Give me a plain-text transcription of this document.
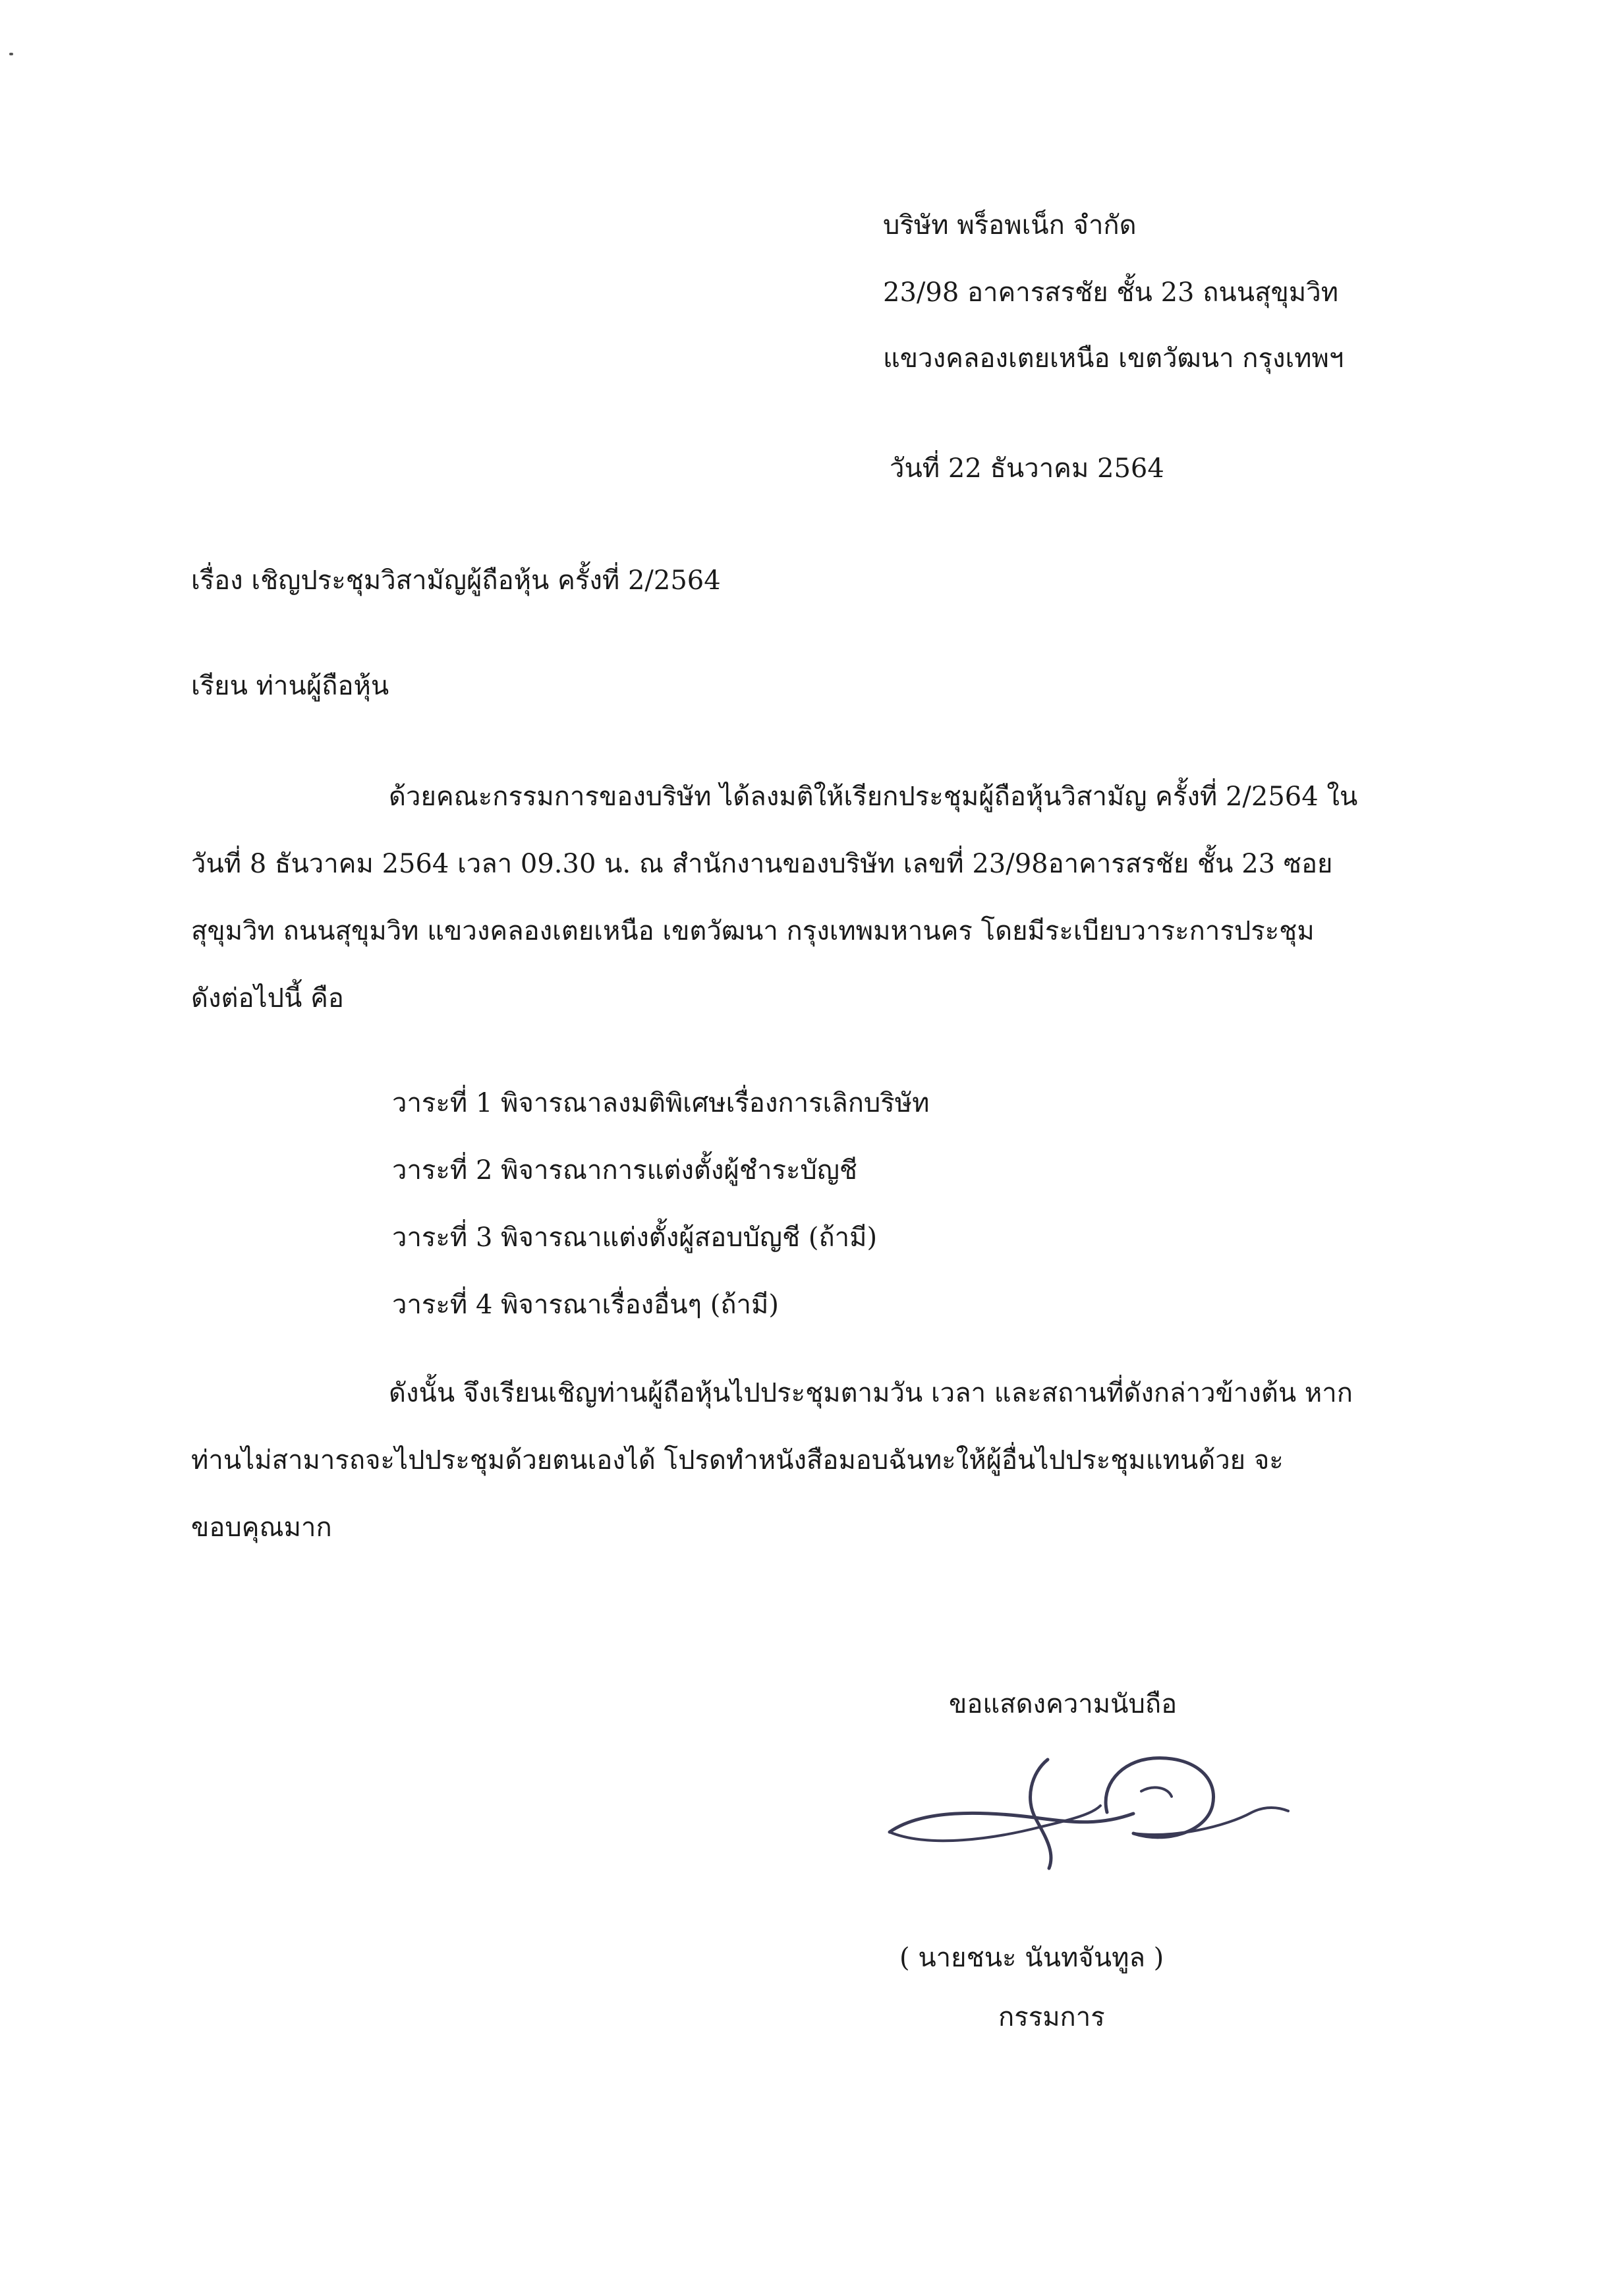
บริษัท พร็อพเน็ก จำกัด
23/98 อาคารสรชัย ชั้น 23 ถนนสุขุมวิท
แขวงคลองเตยเหนือ เขตวัฒนา กรุงเทพฯ
วันที่ 22 ธันวาคม 2564
เรื่อง เชิญประชุมวิสามัญผู้ถือหุ้น ครั้งที่ 2/2564
เรียน ท่านผู้ถือหุ้น
ด้วยคณะกรรมการของบริษัท ได้ลงมติให้เรียกประชุมผู้ถือหุ้นวิสามัญ ครั้งที่ 2/2564 ใน
วันที่ 8 ธันวาคม 2564 เวลา 09.30 น. ณ สำนักงานของบริษัท เลขที่ 23/98อาคารสรชัย ชั้น 23 ซอย
สุขุมวิท ถนนสุขุมวิท แขวงคลองเตยเหนือ เขตวัฒนา กรุงเทพมหานคร โดยมีระเบียบวาระการประชุม
ดังต่อไปนี้ คือ
วาระที่ 1 พิจารณาลงมติพิเศษเรื่องการเลิกบริษัท
วาระที่ 2 พิจารณาการแต่งตั้งผู้ชำระบัญชี
วาระที่ 3 พิจารณาแต่งตั้งผู้สอบบัญชี (ถ้ามี)
วาระที่ 4 พิจารณาเรื่องอื่นๆ (ถ้ามี)
ดังนั้น จึงเรียนเชิญท่านผู้ถือหุ้นไปประชุมตามวัน เวลา และสถานที่ดังกล่าวข้างต้น หาก
ท่านไม่สามารถจะไปประชุมด้วยตนเองได้ โปรดทำหนังสือมอบฉันทะให้ผู้อื่นไปประชุมแทนด้วย จะ
ขอบคุณมาก
ขอแสดงความนับถือ
( นายชนะ นันทจันทูล )
กรรมการ
